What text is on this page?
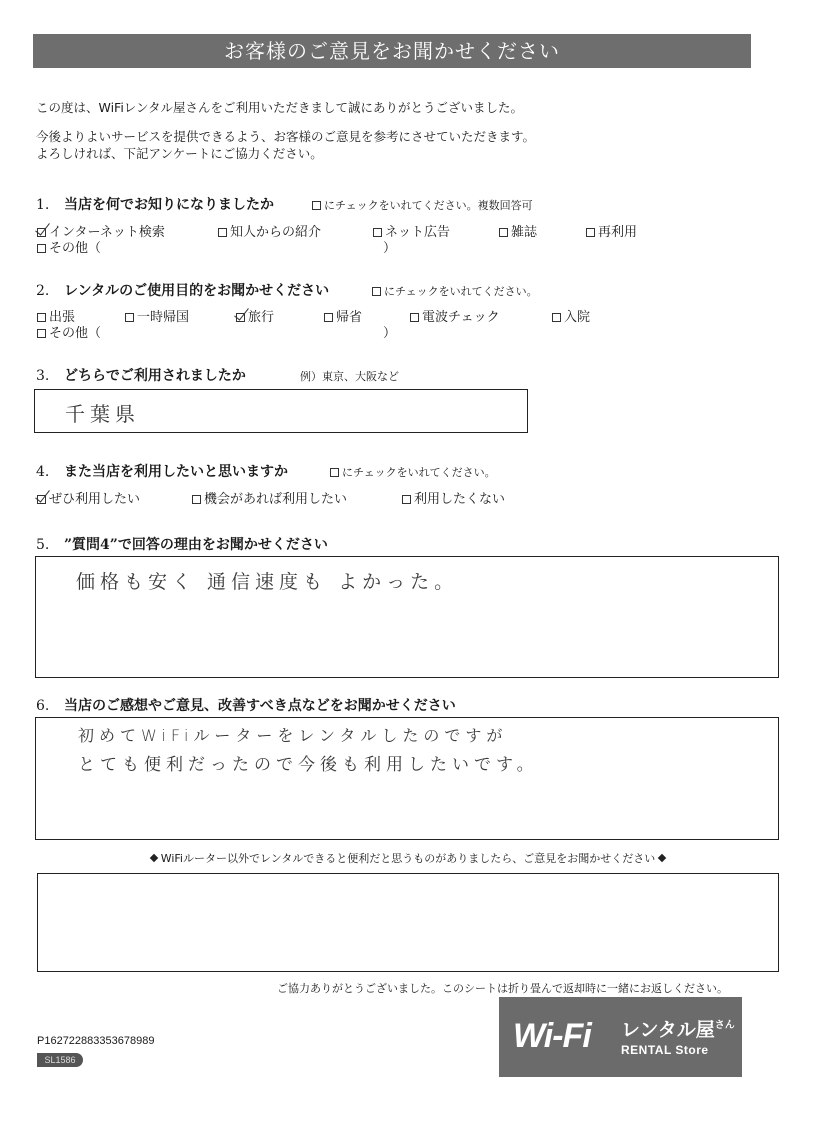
お客様のご意見をお聞かせください
この度は、WiFiレンタル屋さんをご利用いただきまして誠にありがとうございました。
今後よりよいサービスを提供できるよう、お客様のご意見を参考にさせていただきます。
よろしければ、下記アンケートにご協力ください。
1. 当店を何でお知りになりましたか	にチェックをいれてください。複数回答可
インターネット検索	知人からの紹介	ネット広告	雑誌	再利用
その他（	）
2. レンタルのご使用目的をお聞かせください	にチェックをいれてください。
出張	一時帰国	旅行	帰省	電波チェック	入院
その他（	）
3. どちらでご利用されましたか	例）東京、大阪など
千葉県
4. また当店を利用したいと思いますか	にチェックをいれてください。
ぜひ利用したい	機会があれば利用したい	利用したくない
5. ”質問4”で回答の理由をお聞かせください
価格も安く 通信速度も よかった。
6. 当店のご感想やご意見、改善すべき点などをお聞かせください
初めてWiFiルーターをレンタルしたのですが
とても便利だったので今後も利用したいです。
WiFiルーター以外でレンタルできると便利だと思うものがありましたら、ご意見をお聞かせください
ご協力ありがとうございました。このシートは折り畳んで返却時に一緒にお返しください。
P162722883353678989
SL1586
Wi-Fi	レンタル屋$^{さん}$
RENTAL Store
